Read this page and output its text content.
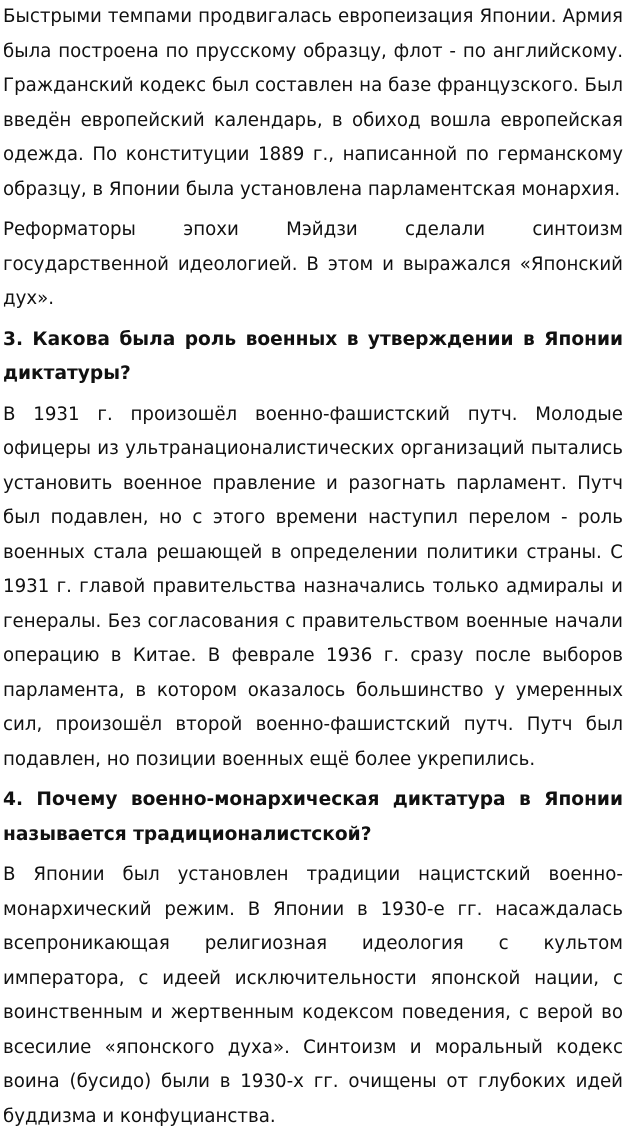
Быстрыми темпами продвигалась европеизация Японии. Армия была построена по прусскому образцу, флот - по английскому. Гражданский кодекс был составлен на базе французского. Был введён европейский календарь, в обиход вошла европейская одежда. По конституции 1889 г., написанной по германскому образцу, в Японии была установлена парламентская монархия.

Реформаторы эпохи Мэйдзи сделали синтоизм государственной идеологией. В этом и выражался «Японский дух».

3. Какова была роль военных в утверждении в Японии диктатуры?

В 1931 г. произошёл военно-фашистский путч. Молодые офицеры из ультранационалистических организаций пытались установить военное правление и разогнать парламент. Путч был подавлен, но с этого времени наступил перелом - роль военных стала решающей в определении политики страны. С 1931 г. главой правительства назначались только адмиралы и генералы. Без согласования с правительством военные начали операцию в Китае. В феврале 1936 г. сразу после выборов парламента, в котором оказалось большинство у умеренных сил, произошёл второй военно-фашистский путч. Путч был подавлен, но позиции военных ещё более укрепились.

4. Почему военно-монархическая диктатура в Японии называется традиционалистской?

В Японии был установлен традиции нацистский военно-монархический режим. В Японии в 1930-е гг. насаждалась всепроникающая религиозная идеология с культом императора, с идеей исключительности японской нации, с воинственным и жертвенным кодексом поведения, с верой во всесилие «японского духа». Синтоизм и моральный кодекс воина (бусидо) были в 1930-х гг. очищены от глубоких идей буддизма и конфуцианства.
